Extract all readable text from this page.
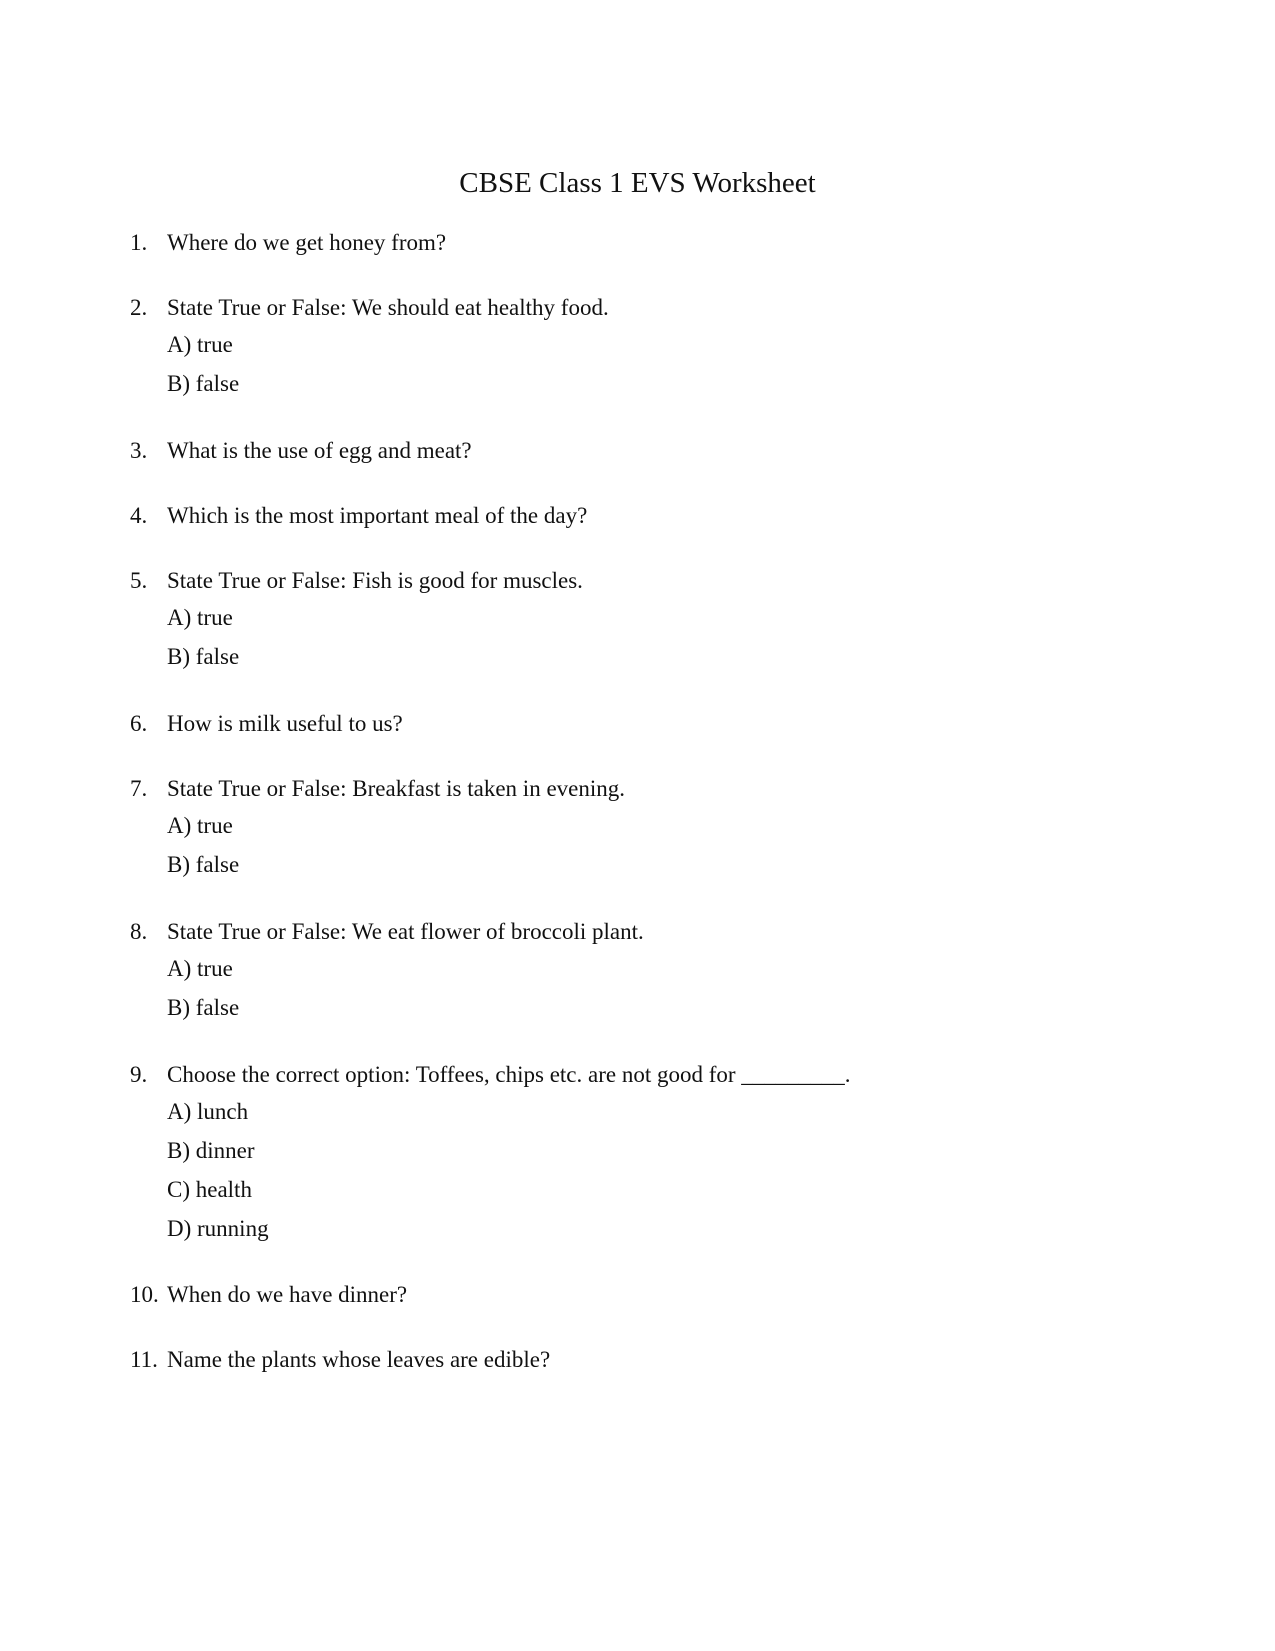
CBSE Class 1 EVS Worksheet
1. Where do we get honey from?
2. State True or False: We should eat healthy food.
A) true
B) false
3. What is the use of egg and meat?
4. Which is the most important meal of the day?
5. State True or False: Fish is good for muscles.
A) true
B) false
6. How is milk useful to us?
7. State True or False: Breakfast is taken in evening.
A) true
B) false
8. State True or False: We eat flower of broccoli plant.
A) true
B) false
9. Choose the correct option: Toffees, chips etc. are not good for _________.
A) lunch
B) dinner
C) health
D) running
10. When do we have dinner?
11. Name the plants whose leaves are edible?
